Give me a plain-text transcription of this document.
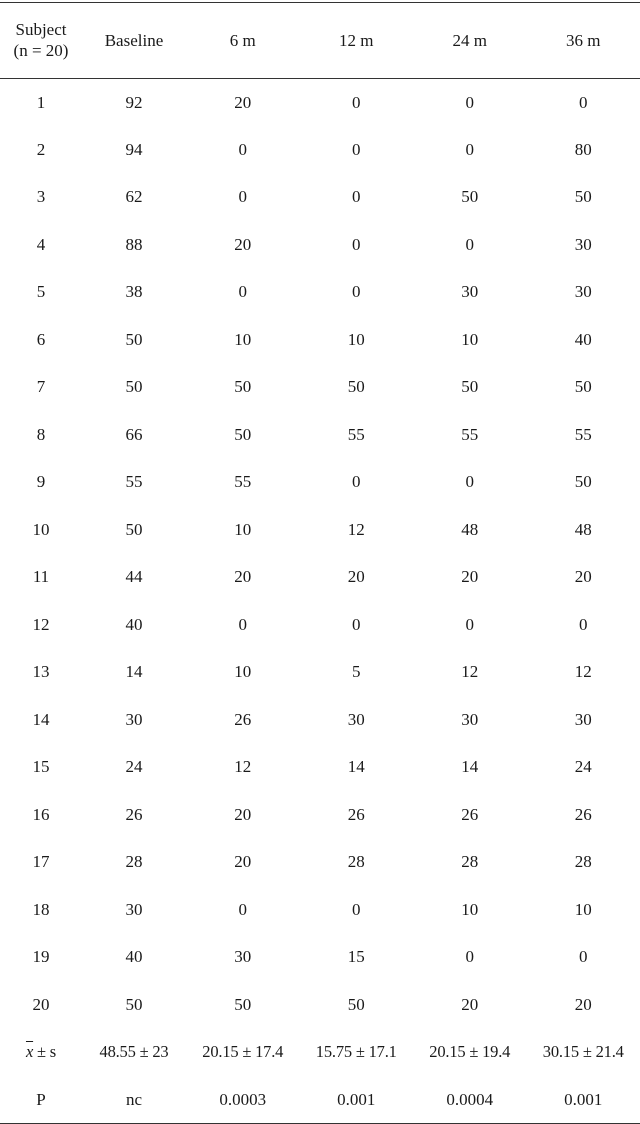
Subject
(n = 20)	Baseline	6 m	12 m	24 m	36 m
1	92	20	0	0	0
2	94	0	0	0	80
3	62	0	0	50	50
4	88	20	0	0	30
5	38	0	0	30	30
6	50	10	10	10	40
7	50	50	50	50	50
8	66	50	55	55	55
9	55	55	0	0	50
10	50	10	12	48	48
11	44	20	20	20	20
12	40	0	0	0	0
13	14	10	5	12	12
14	30	26	30	30	30
15	24	12	14	14	24
16	26	20	26	26	26
17	28	20	28	28	28
18	30	0	0	10	10
19	40	30	15	0	0
20	50	50	50	20	20
$\overline{x} \pm s$	48.55 ± 23	20.15 ± 17.4	15.75 ± 17.1	20.15 ± 19.4	30.15 ± 21.4
P	nc	0.0003	0.001	0.0004	0.001
